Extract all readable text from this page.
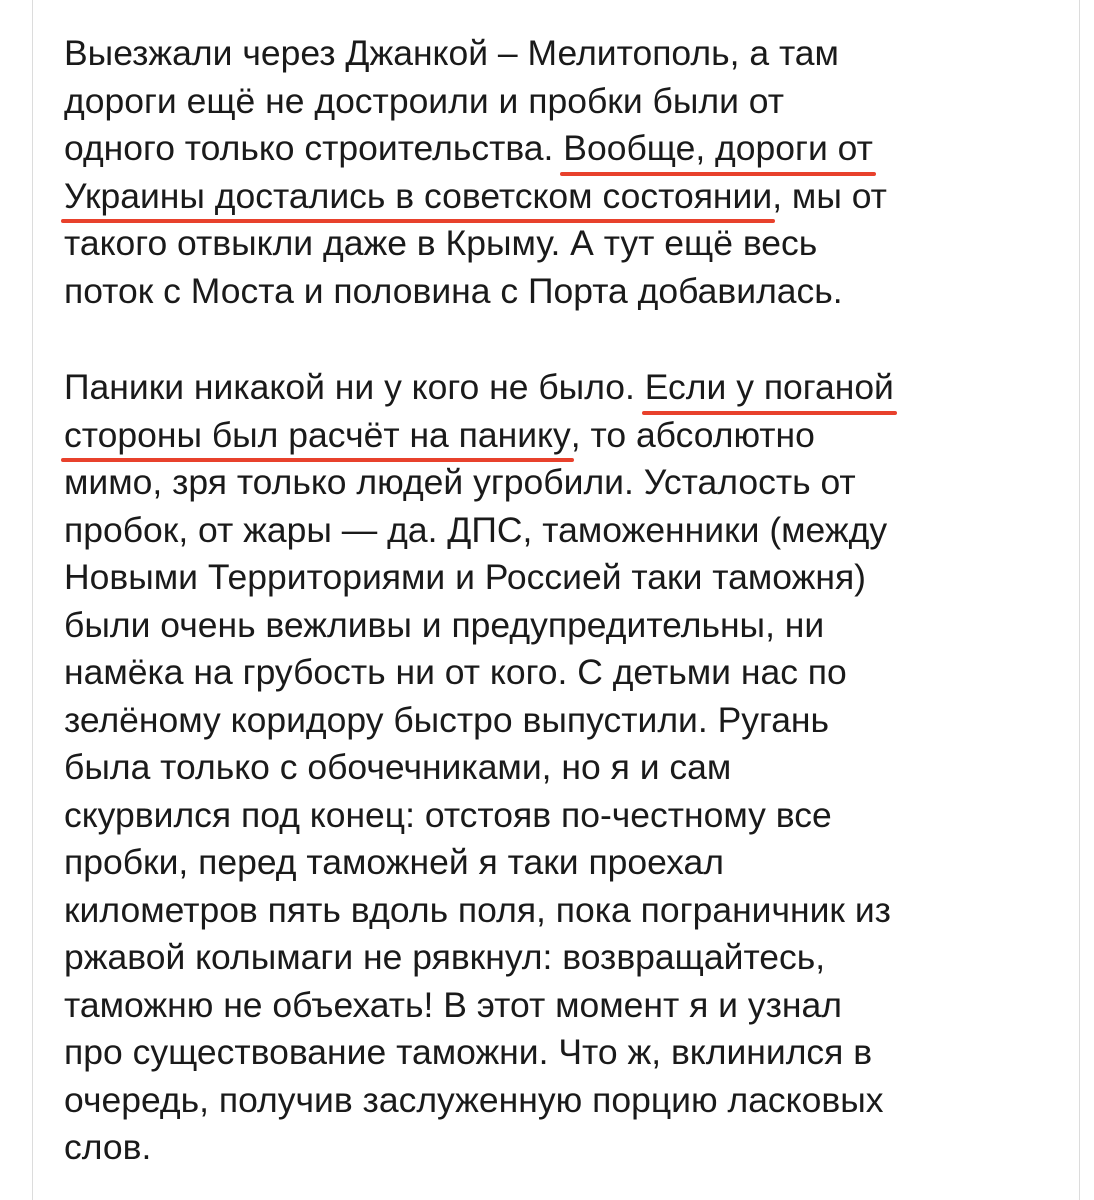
Выезжали через Джанкой – Мелитополь, а там
дороги ещё не достроили и пробки были от
одного только строительства. Вообще, дороги от
Украины достались в советском состоянии, мы от
такого отвыкли даже в Крыму. А тут ещё весь
поток с Моста и половина с Порта добавилась.
Паники никакой ни у кого не было. Если у поганой
стороны был расчёт на панику, то абсолютно
мимо, зря только людей угробили. Усталость от
пробок, от жары — да. ДПС, таможенники (между
Новыми Территориями и Россией таки таможня)
были очень вежливы и предупредительны, ни
намёка на грубость ни от кого. С детьми нас по
зелёному коридору быстро выпустили. Ругань
была только с обочечниками, но я и сам
скурвился под конец: отстояв по-честному все
пробки, перед таможней я таки проехал
километров пять вдоль поля, пока пограничник из
ржавой колымаги не рявкнул: возвращайтесь,
таможню не объехать! В этот момент я и узнал
про существование таможни. Что ж, вклинился в
очередь, получив заслуженную порцию ласковых
слов.
